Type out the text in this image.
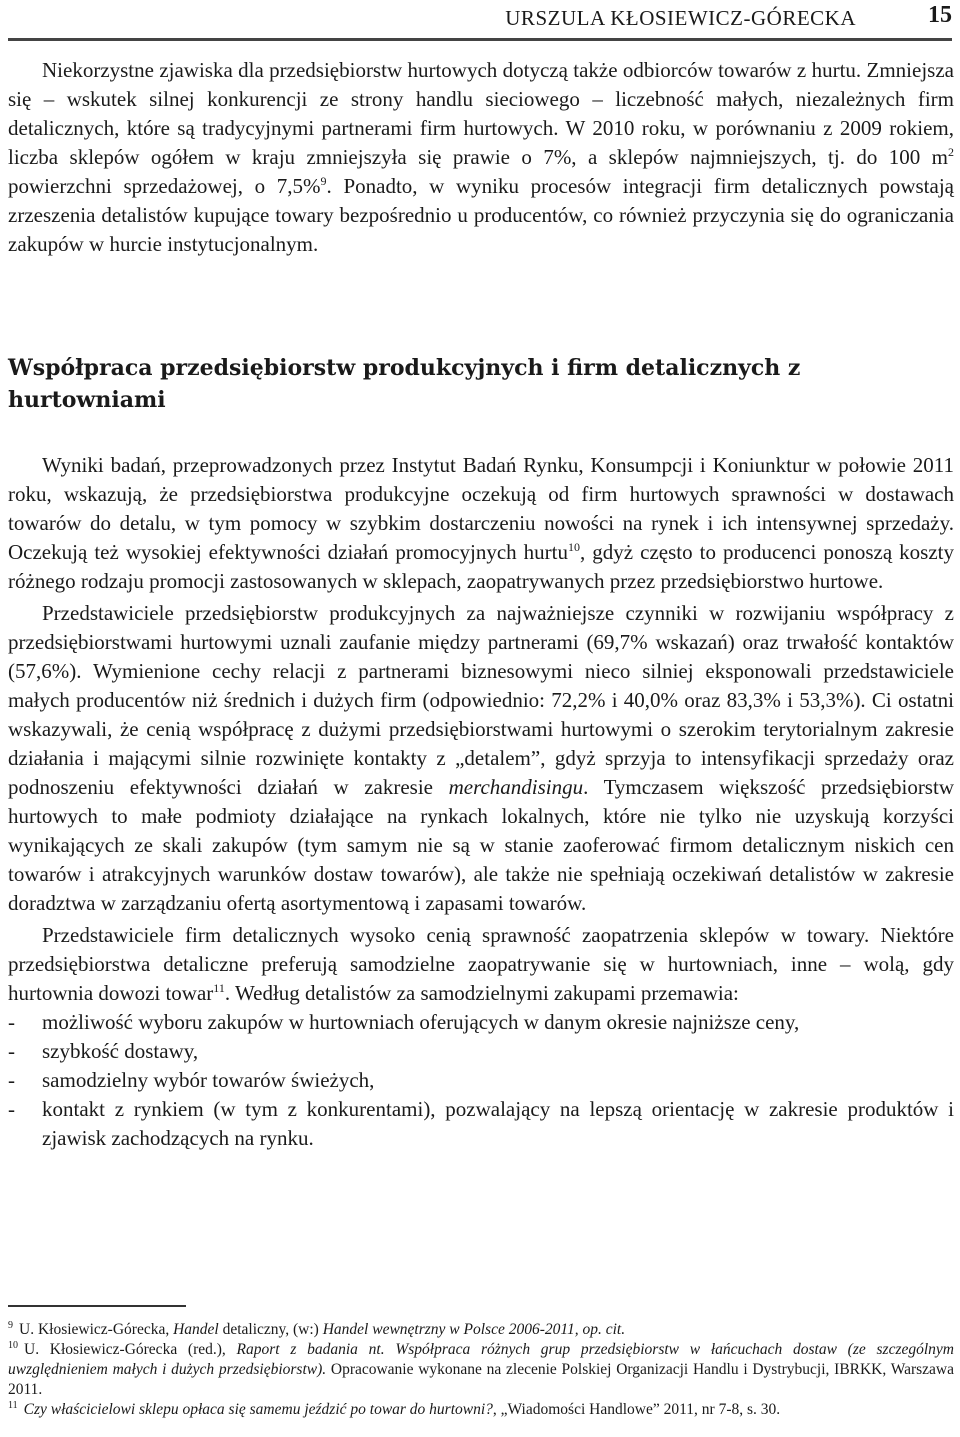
URSZULA KŁOSIEWICZ-GÓRECKA	15

Niekorzystne zjawiska dla przedsiębiorstw hurtowych dotyczą także odbiorców towarów z hurtu. Zmniejsza się – wskutek silnej konkurencji ze strony handlu sieciowego – liczebność małych, niezależnych firm detalicznych, które są tradycyjnymi partnerami firm hurtowych. W 2010 roku, w porównaniu z 2009 rokiem, liczba sklepów ogółem w kraju zmniejszyła się prawie o 7%, a sklepów najmniejszych, tj. do 100 $m^2$ powierzchni sprzedażowej, o 7,5%$^9$. Ponadto, w wyniku procesów integracji firm detalicznych powstają zrzeszenia detalistów kupujące towary bezpośrednio u producentów, co również przyczynia się do ograniczania zakupów w hurcie instytucjonalnym.

Współpraca przedsiębiorstw produkcyjnych i firm detalicznych z hurtowniami

Wyniki badań, przeprowadzonych przez Instytut Badań Rynku, Konsumpcji i Koniunktur w połowie 2011 roku, wskazują, że przedsiębiorstwa produkcyjne oczekują od firm hurtowych sprawności w dostawach towarów do detalu, w tym pomocy w szybkim dostarczeniu nowości na rynek i ich intensywnej sprzedaży. Oczekują też wysokiej efektywności działań promocyjnych hurtu$^{10}$, gdyż często to producenci ponoszą koszty różnego rodzaju promocji zastosowanych w sklepach, zaopatrywanych przez przedsiębiorstwo hurtowe.

Przedstawiciele przedsiębiorstw produkcyjnych za najważniejsze czynniki w rozwijaniu współpracy z przedsiębiorstwami hurtowymi uznali zaufanie między partnerami (69,7% wskazań) oraz trwałość kontaktów (57,6%). Wymienione cechy relacji z partnerami biznesowymi nieco silniej eksponowali przedstawiciele małych producentów niż średnich i dużych firm (odpowiednio: 72,2% i 40,0% oraz 83,3% i 53,3%). Ci ostatni wskazywali, że cenią współpracę z dużymi przedsiębiorstwami hurtowymi o szerokim terytorialnym zakresie działania i mającymi silnie rozwinięte kontakty z „detalem”, gdyż sprzyja to intensyfikacji sprzedaży oraz podnoszeniu efektywności działań w zakresie merchandisingu. Tymczasem większość przedsiębiorstw hurtowych to małe podmioty działające na rynkach lokalnych, które nie tylko nie uzyskują korzyści wynikających ze skali zakupów (tym samym nie są w stanie zaoferować firmom detalicznym niskich cen towarów i atrakcyjnych warunków dostaw towarów), ale także nie spełniają oczekiwań detalistów w zakresie doradztwa w zarządzaniu ofertą asortymentową i zapasami towarów.

Przedstawiciele firm detalicznych wysoko cenią sprawność zaopatrzenia sklepów w towary. Niektóre przedsiębiorstwa detaliczne preferują samodzielne zaopatrywanie się w hurtowniach, inne – wolą, gdy hurtownia dowozi towar$^{11}$. Według detalistów za samodzielnymi zakupami przemawia:

- możliwość wyboru zakupów w hurtowniach oferujących w danym okresie najniższe ceny,
- szybkość dostawy,
- samodzielny wybór towarów świeżych,
- kontakt z rynkiem (w tym z konkurentami), pozwalający na lepszą orientację w zakresie produktów i zjawisk zachodzących na rynku.

$^9$ U. Kłosiewicz-Górecka, Handel detaliczny, (w:) Handel wewnętrzny w Polsce 2006-2011, op. cit.

$^{10}$ U. Kłosiewicz-Górecka (red.), Raport z badania nt. Współpraca różnych grup przedsiębiorstw w łańcuchach dostaw (ze szczególnym uwzględnieniem małych i dużych przedsiębiorstw). Opracowanie wykonane na zlecenie Polskiej Organizacji Handlu i Dystrybucji, IBRKK, Warszawa 2011.

$^{11}$ Czy właścicielowi sklepu opłaca się samemu jeździć po towar do hurtowni?, „Wiadomości Handlowe” 2011, nr 7-8, s. 30.
